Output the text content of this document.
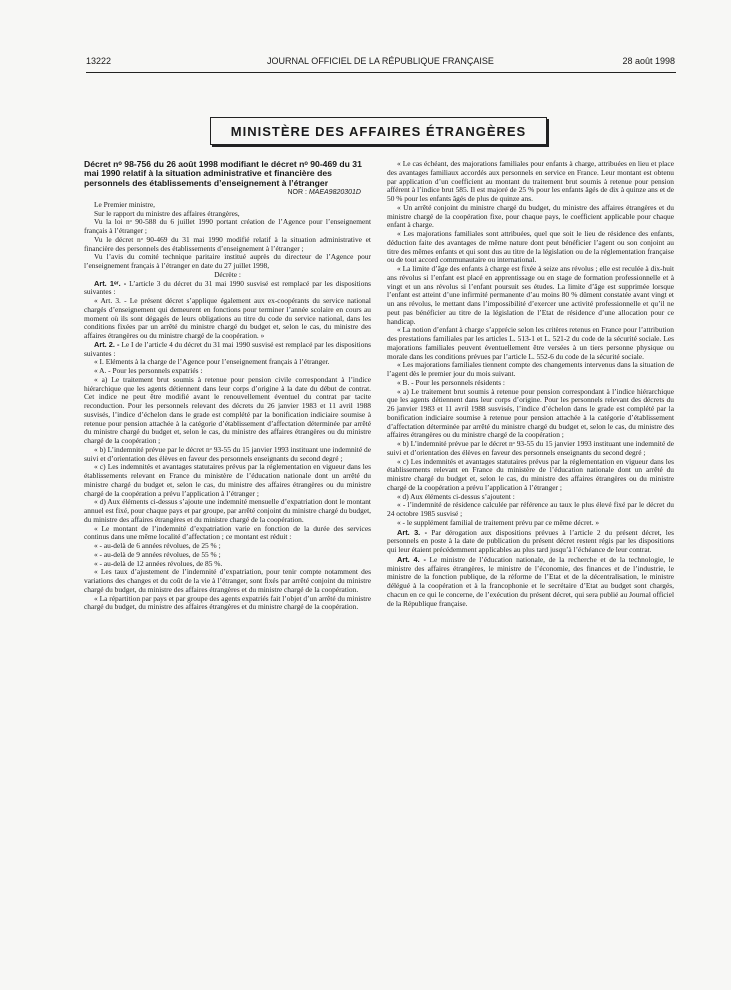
13222	JOURNAL OFFICIEL DE LA RÉPUBLIQUE FRANÇAISE	28 août 1998
MINISTÈRE DES AFFAIRES ÉTRANGÈRES

Décret nᵒ 98-756 du 26 août 1998 modifiant le décret nᵒ 90-469 du 31 mai 1990 relatif à la situation administrative et financière des personnels des établissements d’enseignement à l’étranger

NOR : MAEA9820301D

Le Premier ministre,

Sur le rapport du ministre des affaires étrangères,

Vu la loi nᵒ 90-588 du 6 juillet 1990 portant création de l’Agence pour l’enseignement français à l’étranger ;

Vu le décret nᵒ 90-469 du 31 mai 1990 modifié relatif à la situation administrative et financière des personnels des établissements d’enseignement à l’étranger ;

Vu l’avis du comité technique paritaire institué auprès du directeur de l’Agence pour l’enseignement français à l’étranger en date du 27 juillet 1998,

Décrète :

Art. 1ᵉʳ. - L’article 3 du décret du 31 mai 1990 susvisé est remplacé par les dispositions suivantes :

« Art. 3. - Le présent décret s’applique également aux ex-coopérants du service national chargés d’enseignement qui demeurent en fonctions pour terminer l’année scolaire en cours au moment où ils sont dégagés de leurs obligations au titre du code du service national, dans les conditions fixées par un arrêté du ministre chargé du budget et, selon le cas, du ministre des affaires étrangères ou du ministre chargé de la coopération. »

Art. 2. - Le I de l’article 4 du décret du 31 mai 1990 susvisé est remplacé par les dispositions suivantes :

« I. Eléments à la charge de l’Agence pour l’enseignement français à l’étranger.

« A. - Pour les personnels expatriés :

« a) Le traitement brut soumis à retenue pour pension civile correspondant à l’indice hiérarchique que les agents détiennent dans leur corps d’origine à la date du début de contrat. Cet indice ne peut être modifié avant le renouvellement éventuel du contrat par tacite reconduction. Pour les personnels relevant des décrets du 26 janvier 1983 et 11 avril 1988 susvisés, l’indice d’échelon dans le grade est complété par la bonification indiciaire soumise à retenue pour pension attachée à la catégorie d’établissement d’affectation déterminée par arrêté du ministre chargé du budget et, selon le cas, du ministre des affaires étrangères ou du ministre chargé de la coopération ;

« b) L’indemnité prévue par le décret nᵒ 93-55 du 15 janvier 1993 instituant une indemnité de suivi et d’orientation des élèves en faveur des personnels enseignants du second degré ;

« c) Les indemnités et avantages statutaires prévus par la réglementation en vigueur dans les établissements relevant en France du ministère de l’éducation nationale dont un arrêté du ministre chargé du budget et, selon le cas, du ministre des affaires étrangères ou du ministre chargé de la coopération a prévu l’application à l’étranger ;

« d) Aux éléments ci-dessus s’ajoute une indemnité mensuelle d’expatriation dont le montant annuel est fixé, pour chaque pays et par groupe, par arrêté conjoint du ministre chargé du budget, du ministre des affaires étrangères et du ministre chargé de la coopération.

« Le montant de l’indemnité d’expatriation varie en fonction de la durée des services continus dans une même localité d’affectation ; ce montant est réduit :

« - au-delà de 6 années révolues, de 25 % ;

« - au-delà de 9 années révolues, de 55 % ;

« - au-delà de 12 années révolues, de 85 %.

« Les taux d’ajustement de l’indemnité d’expatriation, pour tenir compte notamment des variations des changes et du coût de la vie à l’étranger, sont fixés par arrêté conjoint du ministre chargé du budget, du ministre des affaires étrangères et du ministre chargé de la coopération.

« La répartition par pays et par groupe des agents expatriés fait l’objet d’un arrêté du ministre chargé du budget, du ministre des affaires étrangères et du ministre chargé de la coopération.

« Le cas échéant, des majorations familiales pour enfants à charge, attribuées en lieu et place des avantages familiaux accordés aux personnels en service en France. Leur montant est obtenu par application d’un coefficient au montant du traitement brut soumis à retenue pour pension afférent à l’indice brut 585. Il est majoré de 25 % pour les enfants âgés de dix à quinze ans et de 50 % pour les enfants âgés de plus de quinze ans.

« Un arrêté conjoint du ministre chargé du budget, du ministre des affaires étrangères et du ministre chargé de la coopération fixe, pour chaque pays, le coefficient applicable pour chaque enfant à charge.

« Les majorations familiales sont attribuées, quel que soit le lieu de résidence des enfants, déduction faite des avantages de même nature dont peut bénéficier l’agent ou son conjoint au titre des mêmes enfants et qui sont dus au titre de la législation ou de la réglementation française ou de tout accord communautaire ou international.

« La limite d’âge des enfants à charge est fixée à seize ans révolus ; elle est reculée à dix-huit ans révolus si l’enfant est placé en apprentissage ou en stage de formation professionnelle et à vingt et un ans révolus si l’enfant poursuit ses études. La limite d’âge est supprimée lorsque l’enfant est atteint d’une infirmité permanente d’au moins 80 % dûment constatée avant vingt et un ans révolus, le mettant dans l’impossibilité d’exercer une activité professionnelle et qu’il ne peut pas bénéficier au titre de la législation de l’Etat de résidence d’une allocation pour ce handicap.

« La notion d’enfant à charge s’apprécie selon les critères retenus en France pour l’attribution des prestations familiales par les articles L. 513-1 et L. 521-2 du code de la sécurité sociale. Les majorations familiales peuvent éventuellement être versées à un tiers personne physique ou morale dans les conditions prévues par l’article L. 552-6 du code de la sécurité sociale.

« Les majorations familiales tiennent compte des changements intervenus dans la situation de l’agent dès le premier jour du mois suivant.

« B. - Pour les personnels résidents :

« a) Le traitement brut soumis à retenue pour pension correspondant à l’indice hiérarchique que les agents détiennent dans leur corps d’origine. Pour les personnels relevant des décrets du 26 janvier 1983 et 11 avril 1988 susvisés, l’indice d’échelon dans le grade est complété par la bonification indiciaire soumise à retenue pour pension attachée à la catégorie d’établissement d’affectation déterminée par arrêté du ministre chargé du budget et, selon le cas, du ministre des affaires étrangères ou du ministre chargé de la coopération ;

« b) L’indemnité prévue par le décret nᵒ 93-55 du 15 janvier 1993 instituant une indemnité de suivi et d’orientation des élèves en faveur des personnels enseignants du second degré ;

« c) Les indemnités et avantages statutaires prévus par la réglementation en vigueur dans les établissements relevant en France du ministère de l’éducation nationale dont un arrêté du ministre chargé du budget et, selon le cas, du ministre des affaires étrangères ou du ministre chargé de la coopération a prévu l’application à l’étranger ;

« d) Aux éléments ci-dessus s’ajoutent :

« - l’indemnité de résidence calculée par référence au taux le plus élevé fixé par le décret du 24 octobre 1985 susvisé ;

« - le supplément familial de traitement prévu par ce même décret. »

Art. 3. - Par dérogation aux dispositions prévues à l’article 2 du présent décret, les personnels en poste à la date de publication du présent décret restent régis par les dispositions qui leur étaient précédemment applicables au plus tard jusqu’à l’échéance de leur contrat.

Art. 4. - Le ministre de l’éducation nationale, de la recherche et de la technologie, le ministre des affaires étrangères, le ministre de l’économie, des finances et de l’industrie, le ministre de la fonction publique, de la réforme de l’Etat et de la décentralisation, le ministre délégué à la coopération et à la francophonie et le secrétaire d’Etat au budget sont chargés, chacun en ce qui le concerne, de l’exécution du présent décret, qui sera publié au Journal officiel de la République française.
